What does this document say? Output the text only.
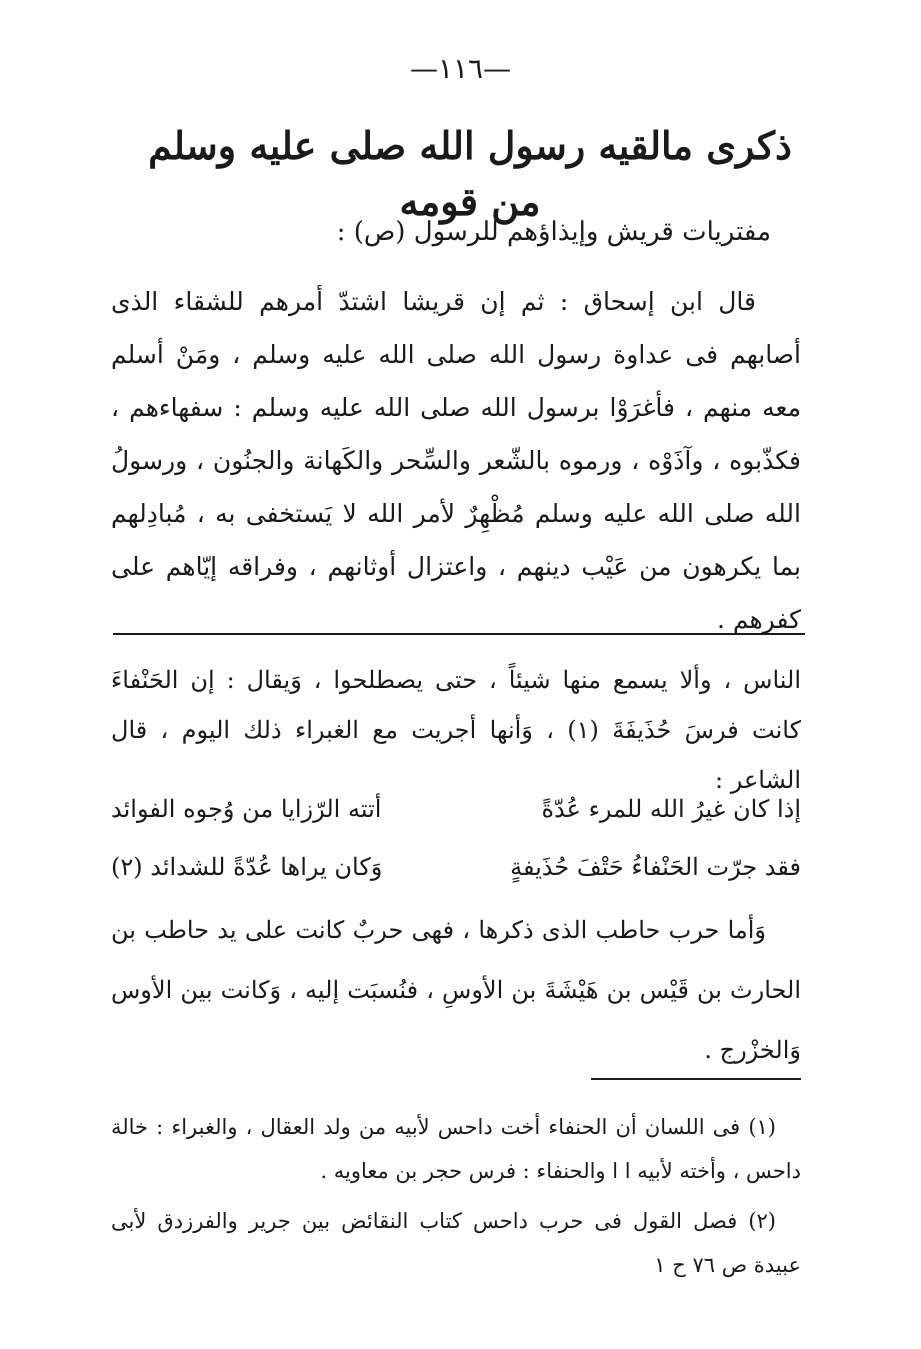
—١١٦—
ذكرى مالقيه رسول الله صلى عليه وسلم من قومه
مفتريات قريش وإيذاؤهم للرسول (ص) :
قال ابن إسحاق : ثم إن قريشا اشتدّ أمرهم للشقاء الذى أصابهم فى عداوة رسول الله صلى الله عليه وسلم ، ومَنْ أسلم معه منهم ، فأغرَوْا برسول الله صلى الله عليه وسلم : سفهاءهم ، فكذّبوه ، وآذَوْه ، ورموه بالشّعر والسِّحر والكَهانة والجنُون ، ورسولُ الله صلى الله عليه وسلم مُظْهِرٌ لأمر الله لا يَستخفى به ، مُبادِلهم بما يكرهون من عَيْب دينهم ، واعتزال أوثانهم ، وفراقه إيّاهم على كفرهم .
الناس ، وألا يسمع منها شيئاً ، حتى يصطلحوا ، وَيقال : إن الحَنْفاءَ كانت فرسَ حُذَيفَةَ (١) ، وَأنها أجريت مع الغبراء ذلك اليوم ، قال الشاعر :
إذا كان غيرُ الله للمرء عُدّةً
أتته الرّزايا من وُجوه الفوائد
فقد جرّت الحَنْفاءُ حَتْفَ حُذَيفةٍ
وَكان يراها عُدّةً للشدائد (٢)
وَأما حرب حاطب الذى ذكرها ، فهى حربٌ كانت على يد حاطب بن الحارث بن قَيْس بن هَيْشَةَ بن الأوسِ ، فنُسبَت إليه ، وَكانت بين الأوس وَالخزْرج .
(١) فى اللسان أن الحنفاء أخت داحس لأبيه من ولد العقال ، والغبراء : خالة داحس ، وأخته لأبيه ا ا والحنفاء : فرس حجر بن معاويه .
(٢) فصل القول فى حرب داحس كتاب النقائض بين جرير والفرزدق لأبى عبيدة ص ٧٦ ح ١
